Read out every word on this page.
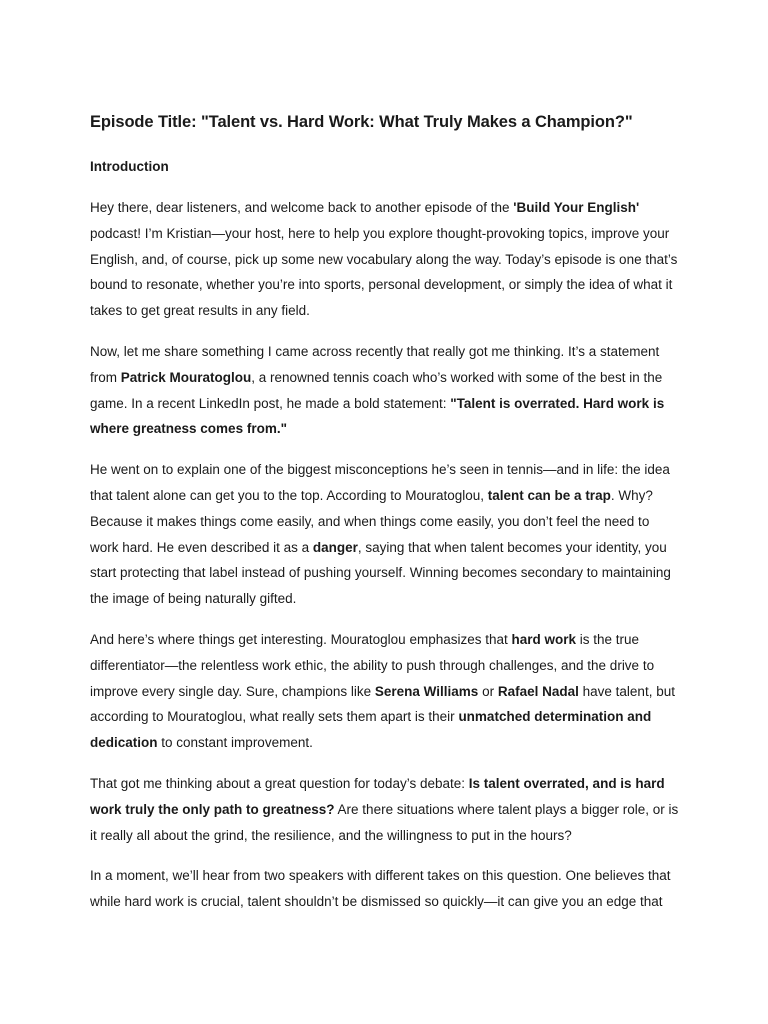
Episode Title: "Talent vs. Hard Work: What Truly Makes a Champion?"
Introduction

Hey there, dear listeners, and welcome back to another episode of the 'Build Your English' podcast! I’m Kristian—your host, here to help you explore thought-provoking topics, improve your English, and, of course, pick up some new vocabulary along the way. Today’s episode is one that’s bound to resonate, whether you’re into sports, personal development, or simply the idea of what it takes to get great results in any field.

Now, let me share something I came across recently that really got me thinking. It’s a statement from Patrick Mouratoglou, a renowned tennis coach who’s worked with some of the best in the game. In a recent LinkedIn post, he made a bold statement: "Talent is overrated. Hard work is where greatness comes from."

He went on to explain one of the biggest misconceptions he’s seen in tennis—and in life: the idea that talent alone can get you to the top. According to Mouratoglou, talent can be a trap. Why? Because it makes things come easily, and when things come easily, you don’t feel the need to work hard. He even described it as a danger, saying that when talent becomes your identity, you start protecting that label instead of pushing yourself. Winning becomes secondary to maintaining the image of being naturally gifted.

And here’s where things get interesting. Mouratoglou emphasizes that hard work is the true differentiator—the relentless work ethic, the ability to push through challenges, and the drive to improve every single day. Sure, champions like Serena Williams or Rafael Nadal have talent, but according to Mouratoglou, what really sets them apart is their unmatched determination and dedication to constant improvement.

That got me thinking about a great question for today’s debate: Is talent overrated, and is hard work truly the only path to greatness? Are there situations where talent plays a bigger role, or is it really all about the grind, the resilience, and the willingness to put in the hours?

In a moment, we’ll hear from two speakers with different takes on this question. One believes that while hard work is crucial, talent shouldn’t be dismissed so quickly—it can give you an edge that
